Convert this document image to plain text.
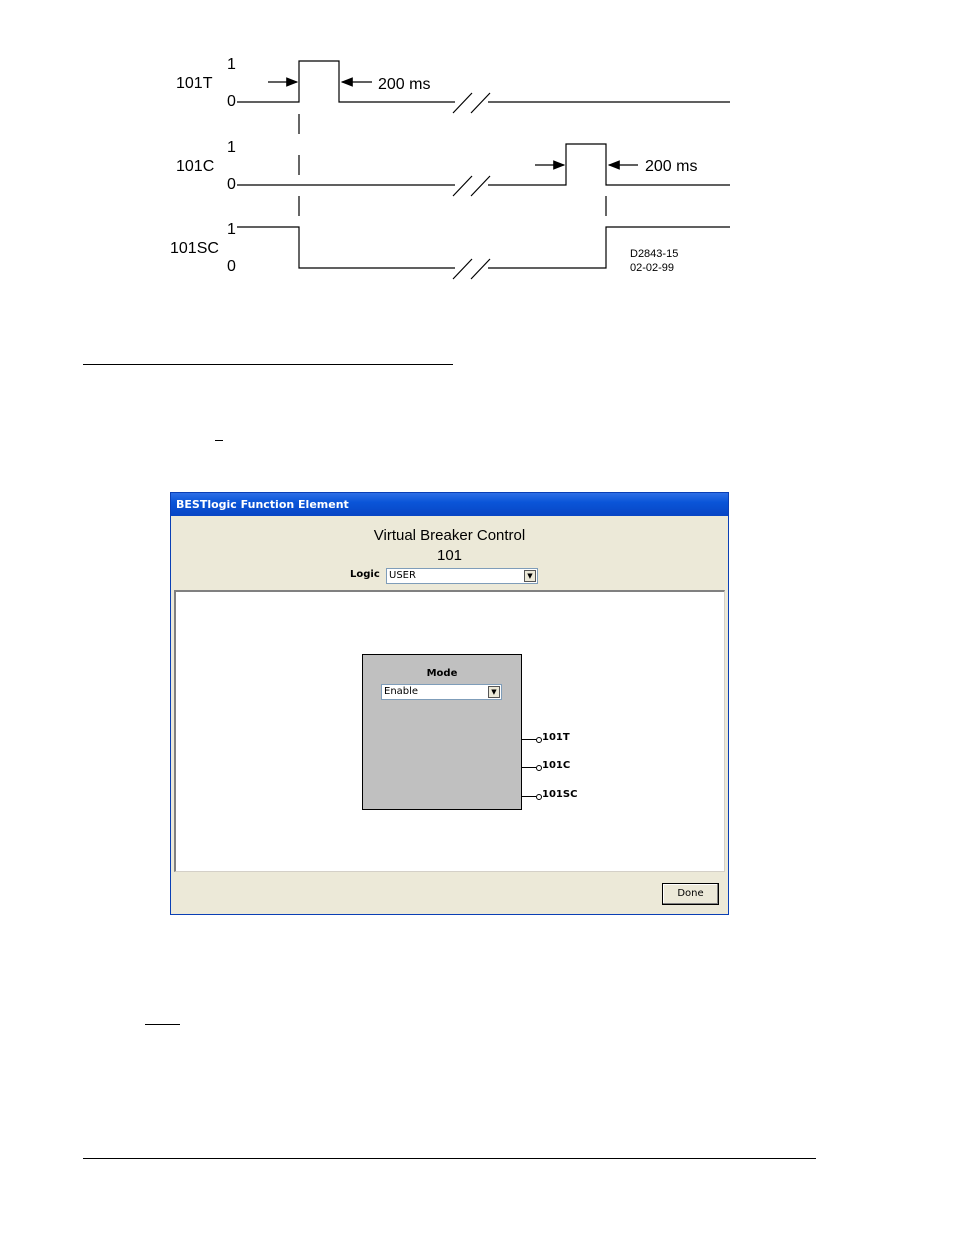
101T
1
0
200 ms
101C
1
0
200 ms
101SC
1
0
D2843-15
02-02-99
BESTlogic Function Element
Virtual Breaker Control
101
Logic USER	▼
Mode
Enable	▼
101T
101C
101SC
Done
